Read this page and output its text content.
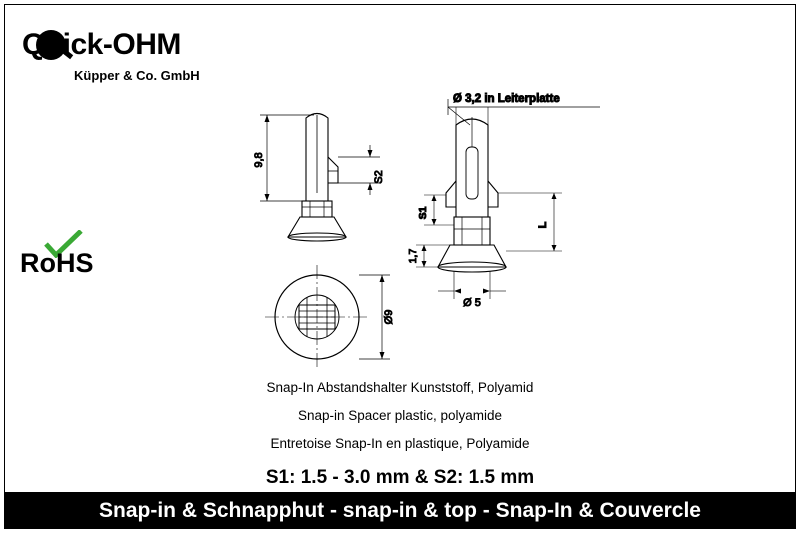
Quick-OHM
Küpper & Co. GmbH
RoHS
9,8
S2
Ø9
Ø 3,2 in Leiterplatte
S1
1,7
L
Ø 5
Snap-In Abstandshalter Kunststoff, Polyamid
Snap-in Spacer plastic, polyamide
Entretoise Snap-In en plastique, Polyamide
S1: 1.5 - 3.0 mm & S2: 1.5 mm
Snap-in & Schnapphut - snap-in & top - Snap-In & Couvercle
